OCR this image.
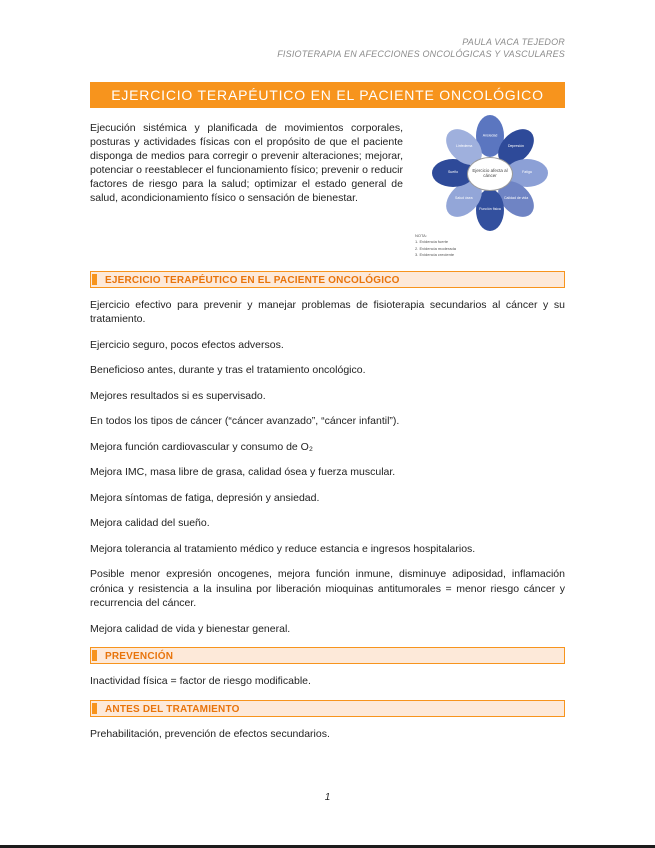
PAULA VACA TEJEDOR
FISIOTERAPIA EN AFECCIONES ONCOLÓGICAS Y VASCULARES
EJERCICIO TERAPÉUTICO EN EL PACIENTE ONCOLÓGICO

Ejecución sistémica y planificada de movimientos corporales, posturas y actividades físicas con el propósito de que el paciente disponga de medios para corregir o prevenir alteraciones; mejorar, potenciar o reestablecer el funcionamiento físico; prevenir o reducir factores de riesgo para la salud; optimizar el estado general de salud, acondicionamiento físico o sensación de bienestar.

Ansiedad
Depresión
Fatiga
Calidad de vida
Función física
Salud ósea
Sueño
Linfedema
Ejercicio afecta al cáncer
NOTA:
1. Evidencia fuerte
2. Evidencia moderada
3. Evidencia creciente
EJERCICIO TERAPÉUTICO EN EL PACIENTE ONCOLÓGICO

Ejercicio efectivo para prevenir y manejar problemas de fisioterapia secundarios al cáncer y su tratamiento.

Ejercicio seguro, pocos efectos adversos.

Beneficioso antes, durante y tras el tratamiento oncológico.

Mejores resultados si es supervisado.

En todos los tipos de cáncer (“cáncer avanzado”, “cáncer infantil”).

Mejora función cardiovascular y consumo de O₂

Mejora IMC, masa libre de grasa, calidad ósea y fuerza muscular.

Mejora síntomas de fatiga, depresión y ansiedad.

Mejora calidad del sueño.

Mejora tolerancia al tratamiento médico y reduce estancia e ingresos hospitalarios.

Posible menor expresión oncogenes, mejora función inmune, disminuye adiposidad, inflamación crónica y resistencia a la insulina por liberación mioquinas antitumorales = menor riesgo cáncer y recurrencia del cáncer.

Mejora calidad de vida y bienestar general.

PREVENCIÓN

Inactividad física = factor de riesgo modificable.

ANTES DEL TRATAMIENTO

Prehabilitación, prevención de efectos secundarios.

1
